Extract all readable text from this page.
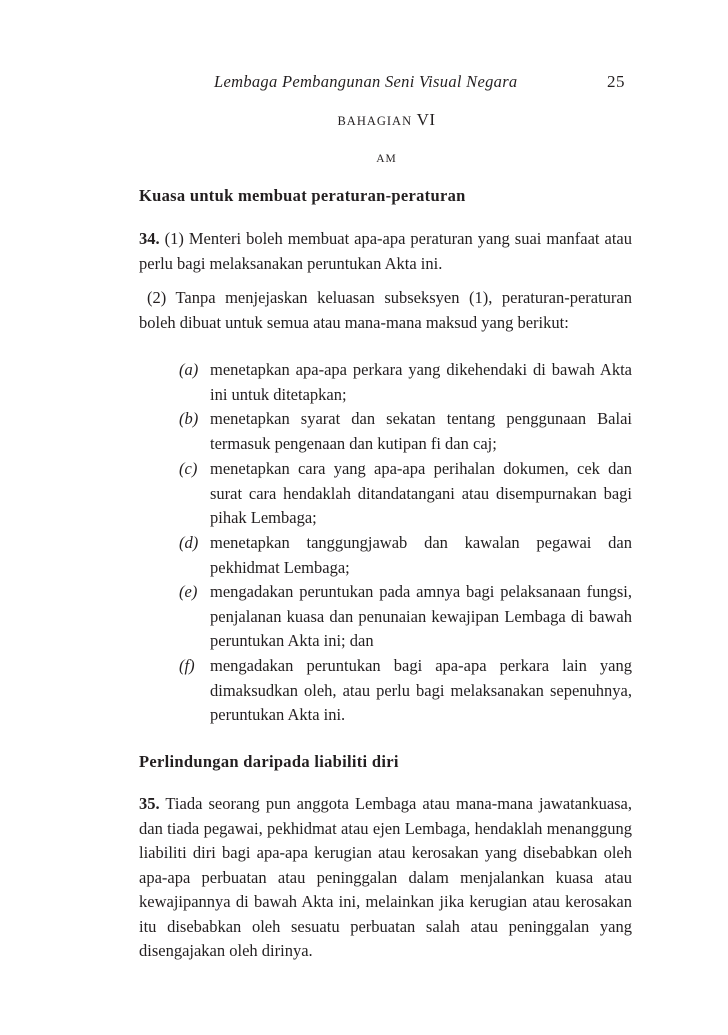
Lembaga Pembangunan Seni Visual Negara	25
BAHAGIAN VI
AM
Kuasa untuk membuat peraturan-peraturan
34. (1) Menteri boleh membuat apa-apa peraturan yang suai manfaat atau perlu bagi melaksanakan peruntukan Akta ini.
(2) Tanpa menjejaskan keluasan subseksyen (1), peraturan-peraturan boleh dibuat untuk semua atau mana-mana maksud yang berikut:
(a) menetapkan apa-apa perkara yang dikehendaki di bawah Akta ini untuk ditetapkan;
(b) menetapkan syarat dan sekatan tentang penggunaan Balai termasuk pengenaan dan kutipan fi dan caj;
(c) menetapkan cara yang apa-apa perihalan dokumen, cek dan surat cara hendaklah ditandatangani atau disempurnakan bagi pihak Lembaga;
(d) menetapkan tanggungjawab dan kawalan pegawai dan pekhidmat Lembaga;
(e) mengadakan peruntukan pada amnya bagi pelaksanaan fungsi, penjalanan kuasa dan penunaian kewajipan Lembaga di bawah peruntukan Akta ini; dan
(f) mengadakan peruntukan bagi apa-apa perkara lain yang dimaksudkan oleh, atau perlu bagi melaksanakan sepenuhnya, peruntukan Akta ini.
Perlindungan daripada liabiliti diri
35. Tiada seorang pun anggota Lembaga atau mana-mana jawatankuasa, dan tiada pegawai, pekhidmat atau ejen Lembaga, hendaklah menanggung liabiliti diri bagi apa-apa kerugian atau kerosakan yang disebabkan oleh apa-apa perbuatan atau peninggalan dalam menjalankan kuasa atau kewajipannya di bawah Akta ini, melainkan jika kerugian atau kerosakan itu disebabkan oleh sesuatu perbuatan salah atau peninggalan yang disengajakan oleh dirinya.
